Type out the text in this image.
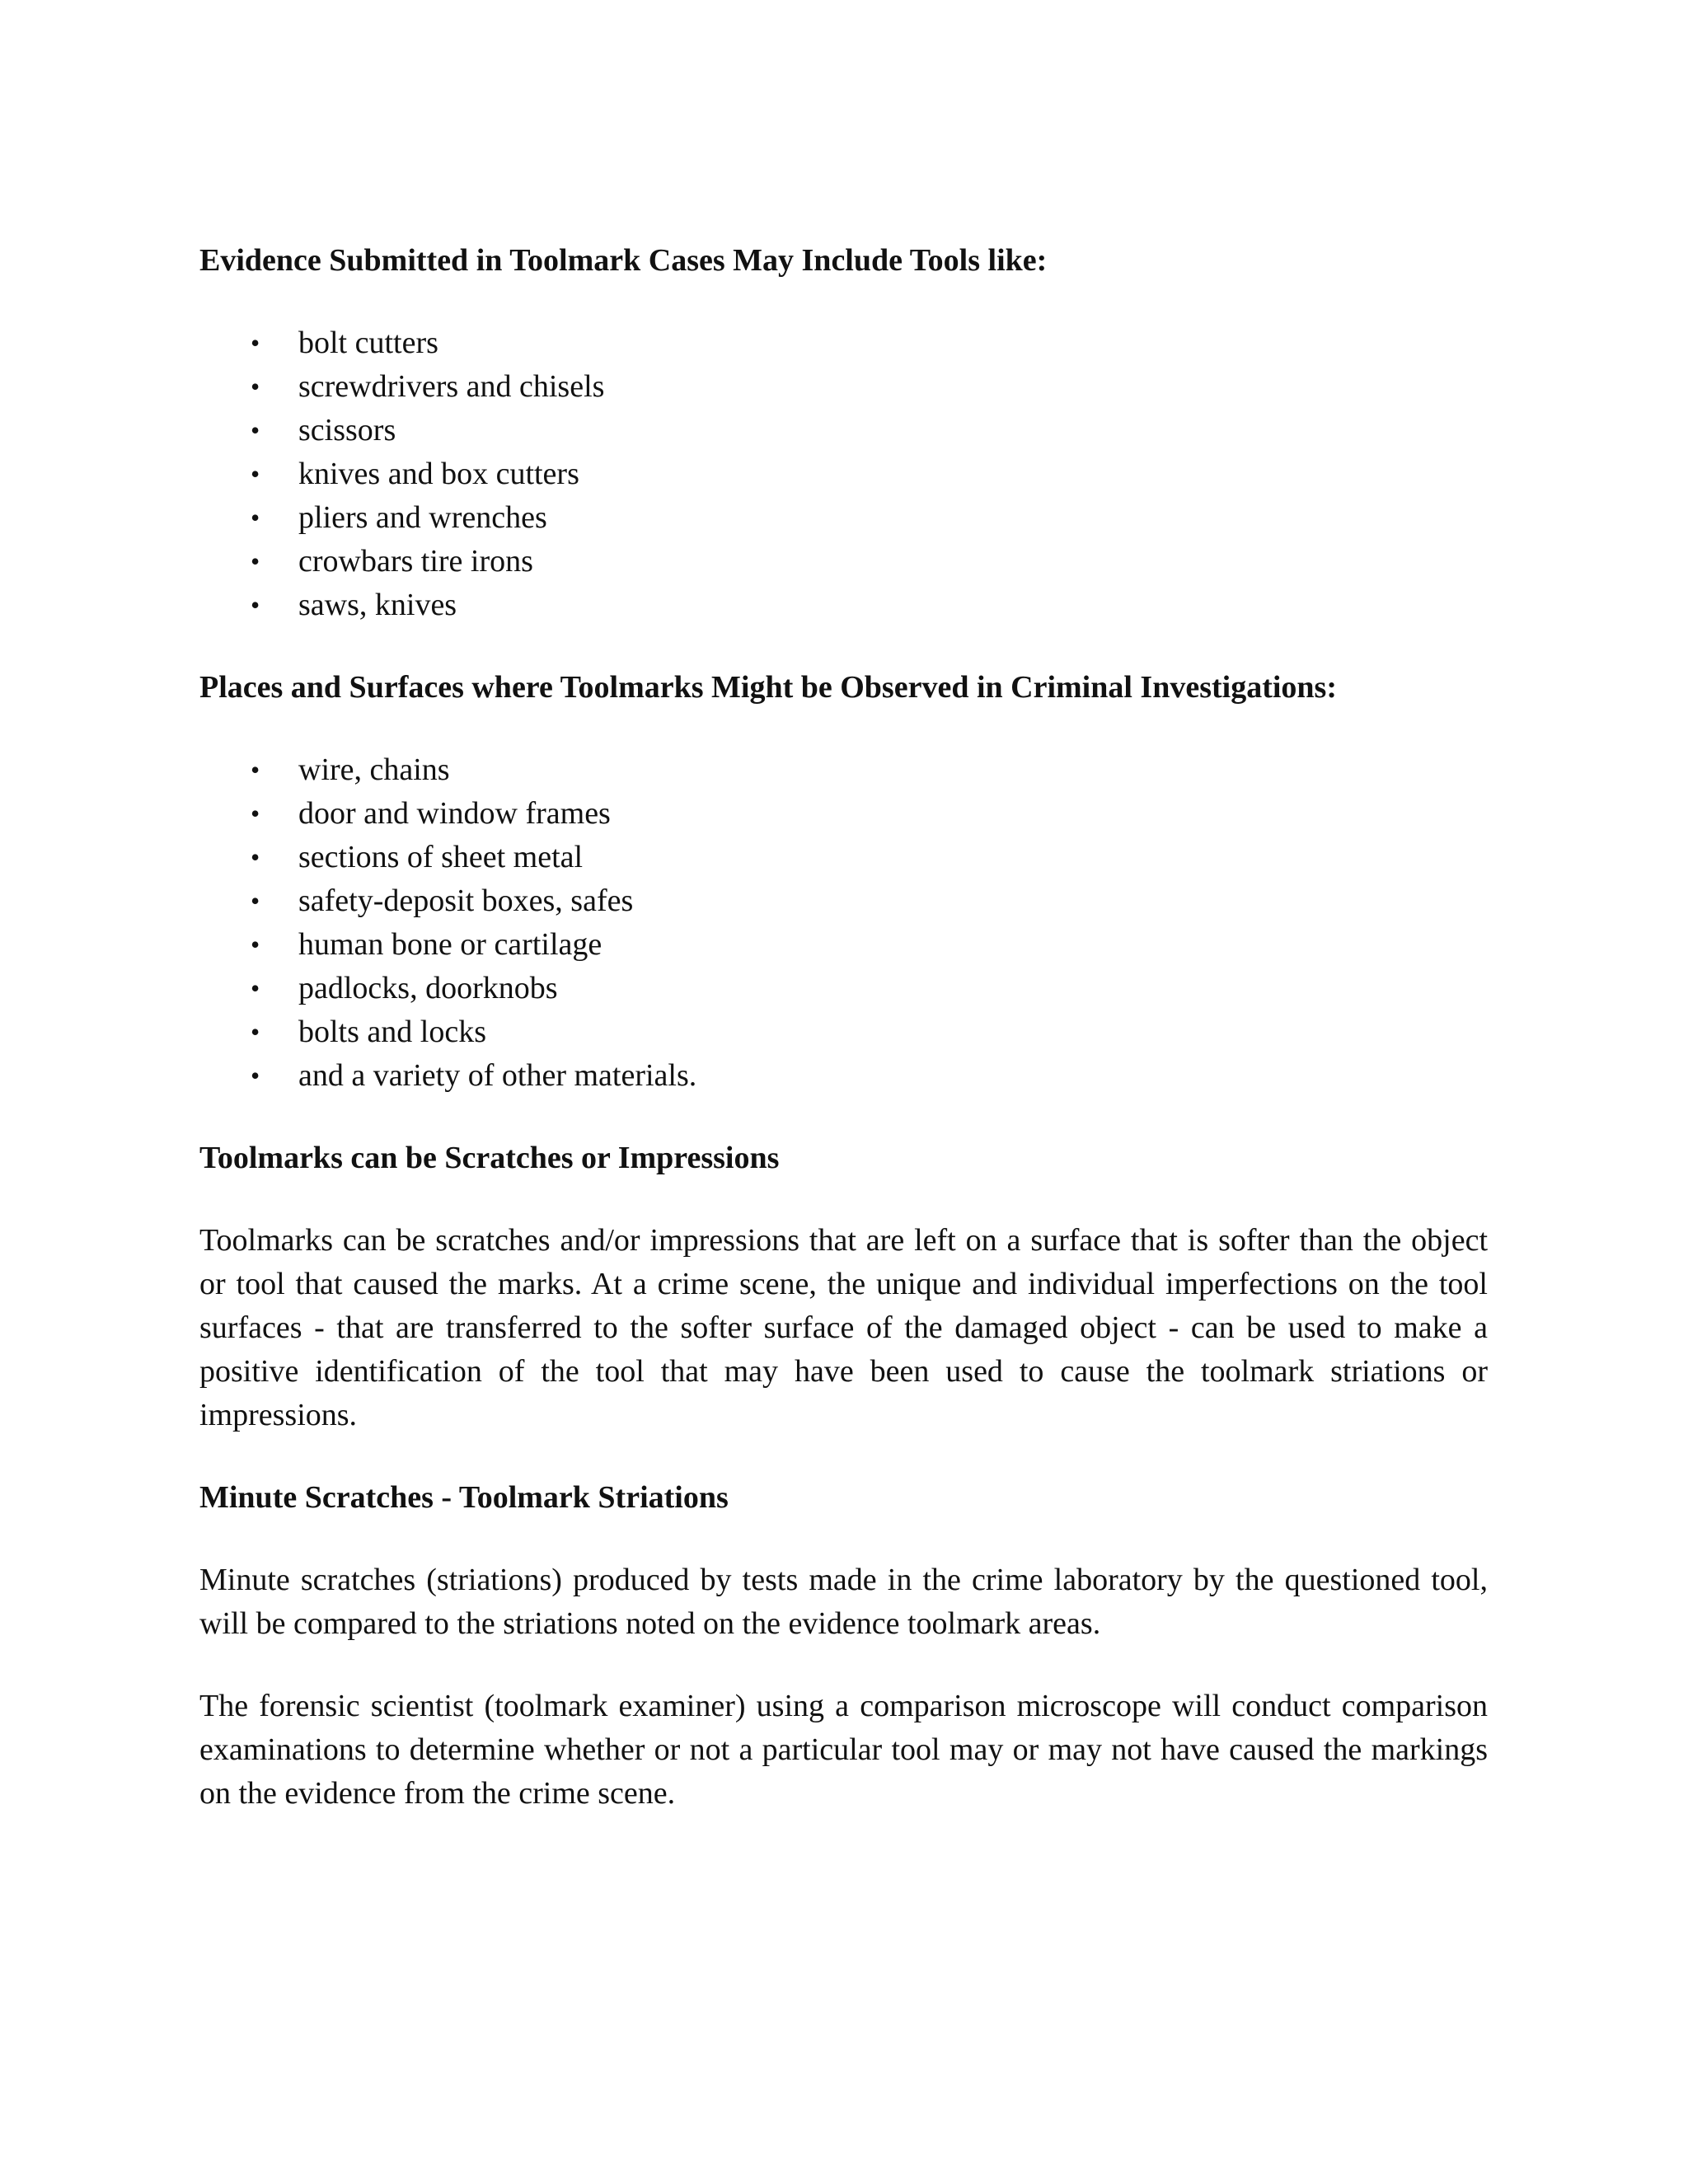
Evidence Submitted in Toolmark Cases May Include Tools like:
• bolt cutters
• screwdrivers and chisels
• scissors
• knives and box cutters
• pliers and wrenches
• crowbars tire irons
• saws, knives
Places and Surfaces where Toolmarks Might be Observed in Criminal Investigations:
• wire, chains
• door and window frames
• sections of sheet metal
• safety-deposit boxes, safes
• human bone or cartilage
• padlocks, doorknobs
• bolts and locks
• and a variety of other materials.
Toolmarks can be Scratches or Impressions

Toolmarks can be scratches and/or impressions that are left on a surface that is softer than the object or tool that caused the marks. At a crime scene, the unique and individual imperfections on the tool surfaces - that are transferred to the softer surface of the damaged object - can be used to make a positive identification of the tool that may have been used to cause the toolmark striations or impressions.

Minute Scratches - Toolmark Striations

Minute scratches (striations) produced by tests made in the crime laboratory by the questioned tool, will be compared to the striations noted on the evidence toolmark areas.

The forensic scientist (toolmark examiner) using a comparison microscope will conduct comparison examinations to determine whether or not a particular tool may or may not have caused the markings on the evidence from the crime scene.
